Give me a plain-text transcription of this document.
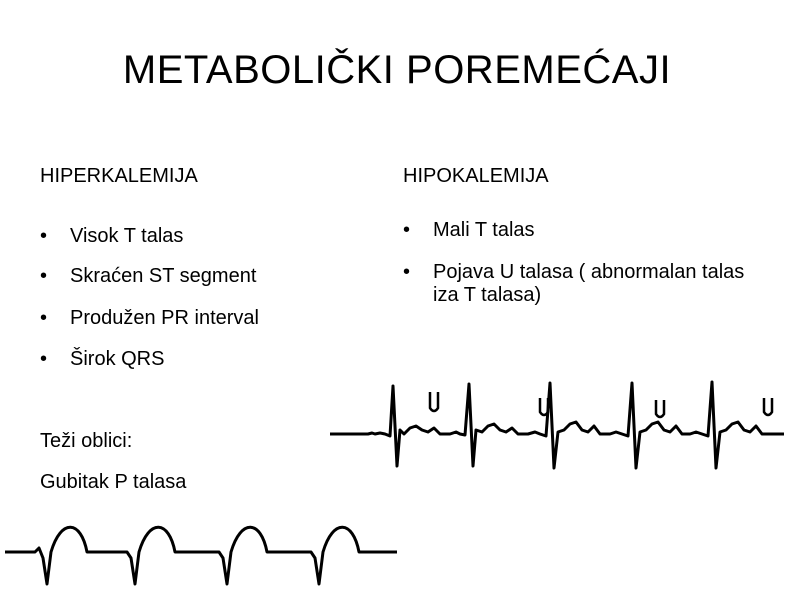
METABOLIČKI POREMEĆAJI
HIPERKALEMIJA
• Visok T talas
• Skraćen ST segment
• Produžen PR interval
• Širok QRS
Teži oblici:
Gubitak P talasa
HIPOKALEMIJA
• Mali T talas
• Pojava U talasa ( abnormalan talas iza T talasa)
